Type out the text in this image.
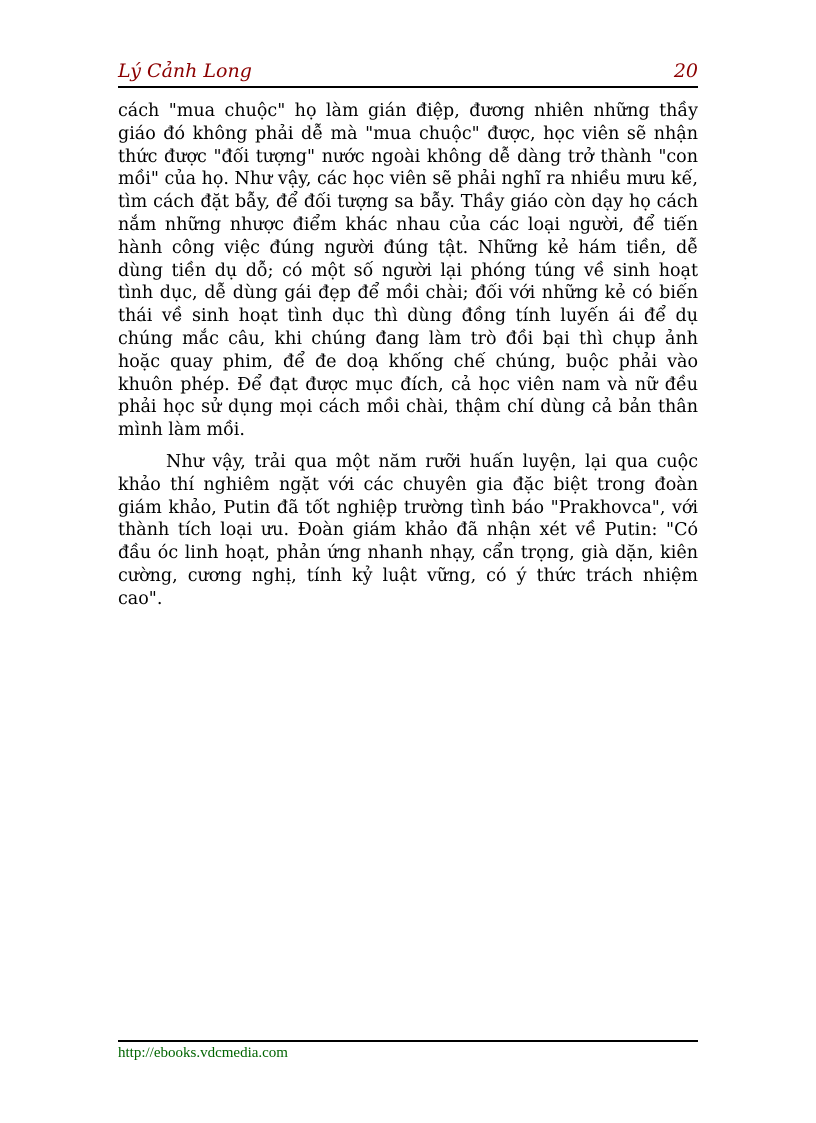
Lý Cảnh Long	20

cách "mua chuộc" họ làm gián điệp, đương nhiên những thầy giáo đó không phải dễ mà "mua chuộc" được, học viên sẽ nhận thức được "đối tượng" nước ngoài không dễ dàng trở thành "con mồi" của họ. Như vậy, các học viên sẽ phải nghĩ ra nhiều mưu kế, tìm cách đặt bẫy, để đối tượng sa bẫy. Thầy giáo còn dạy họ cách nắm những nhược điểm khác nhau của các loại người, để tiến hành công việc đúng người đúng tật. Những kẻ hám tiền, dễ dùng tiền dụ dỗ; có một số người lại phóng túng về sinh hoạt tình dục, dễ dùng gái đẹp để mồi chài; đối với những kẻ có biến thái về sinh hoạt tình dục thì dùng đồng tính luyến ái để dụ chúng mắc câu, khi chúng đang làm trò đồi bại thì chụp ảnh hoặc quay phim, để đe doạ khống chế chúng, buộc phải vào khuôn phép. Để đạt được mục đích, cả học viên nam và nữ đều phải học sử dụng mọi cách mồi chài, thậm chí dùng cả bản thân mình làm mồi.

Như vậy, trải qua một năm rưỡi huấn luyện, lại qua cuộc khảo thí nghiêm ngặt với các chuyên gia đặc biệt trong đoàn giám khảo, Putin đã tốt nghiệp trường tình báo "Prakhovca", với thành tích loại ưu. Đoàn giám khảo đã nhận xét về Putin: "Có đầu óc linh hoạt, phản ứng nhanh nhạy, cẩn trọng, già dặn, kiên cường, cương nghị, tính kỷ luật vững, có ý thức trách nhiệm cao".

http://ebooks.vdcmedia.com
